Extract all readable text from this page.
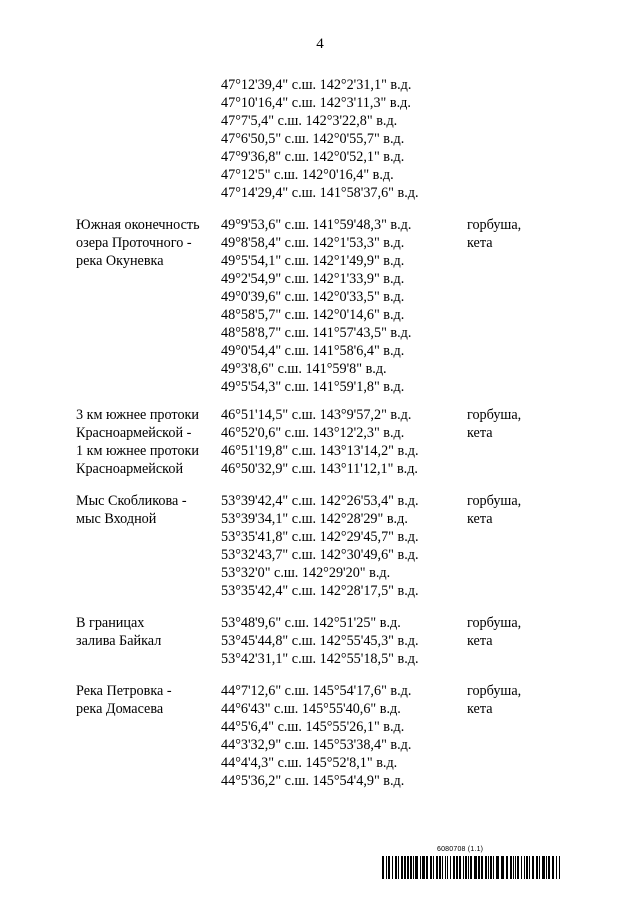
4
47°12'39,4" с.ш. 142°2'31,1" в.д.
47°10'16,4" с.ш. 142°3'11,3" в.д.
47°7'5,4" с.ш. 142°3'22,8" в.д.
47°6'50,5" с.ш. 142°0'55,7" в.д.
47°9'36,8" с.ш. 142°0'52,1" в.д.
47°12'5" с.ш. 142°0'16,4" в.д.
47°14'29,4" с.ш. 141°58'37,6" в.д.
Южная оконечность
озера Проточного -
река Окуневка
горбуша,
кета
49°9'53,6" с.ш. 141°59'48,3" в.д.
49°8'58,4" с.ш. 142°1'53,3" в.д.
49°5'54,1" с.ш. 142°1'49,9" в.д.
49°2'54,9" с.ш. 142°1'33,9" в.д.
49°0'39,6" с.ш. 142°0'33,5" в.д.
48°58'5,7" с.ш. 142°0'14,6" в.д.
48°58'8,7" с.ш. 141°57'43,5" в.д.
49°0'54,4" с.ш. 141°58'6,4" в.д.
49°3'8,6" с.ш. 141°59'8" в.д.
49°5'54,3" с.ш. 141°59'1,8" в.д.
3 км южнее протоки
Красноармейской -
1 км южнее протоки
Красноармейской
горбуша,
кета
46°51'14,5" с.ш. 143°9'57,2" в.д.
46°52'0,6" с.ш. 143°12'2,3" в.д.
46°51'19,8" с.ш. 143°13'14,2" в.д.
46°50'32,9" с.ш. 143°11'12,1" в.д.
Мыс Скобликова -
мыс Входной
горбуша,
кета
53°39'42,4" с.ш. 142°26'53,4" в.д.
53°39'34,1" с.ш. 142°28'29" в.д.
53°35'41,8" с.ш. 142°29'45,7" в.д.
53°32'43,7" с.ш. 142°30'49,6" в.д.
53°32'0" с.ш. 142°29'20" в.д.
53°35'42,4" с.ш. 142°28'17,5" в.д.
В границах
залива Байкал
горбуша,
кета
53°48'9,6" с.ш. 142°51'25" в.д.
53°45'44,8" с.ш. 142°55'45,3" в.д.
53°42'31,1" с.ш. 142°55'18,5" в.д.
Река Петровка -
река Домасева
горбуша,
кета
44°7'12,6" с.ш. 145°54'17,6" в.д.
44°6'43" с.ш. 145°55'40,6" в.д.
44°5'6,4" с.ш. 145°55'26,1" в.д.
44°3'32,9" с.ш. 145°53'38,4" в.д.
44°4'4,3" с.ш. 145°52'8,1" в.д.
44°5'36,2" с.ш. 145°54'4,9" в.д.
6080708 (1.1)
